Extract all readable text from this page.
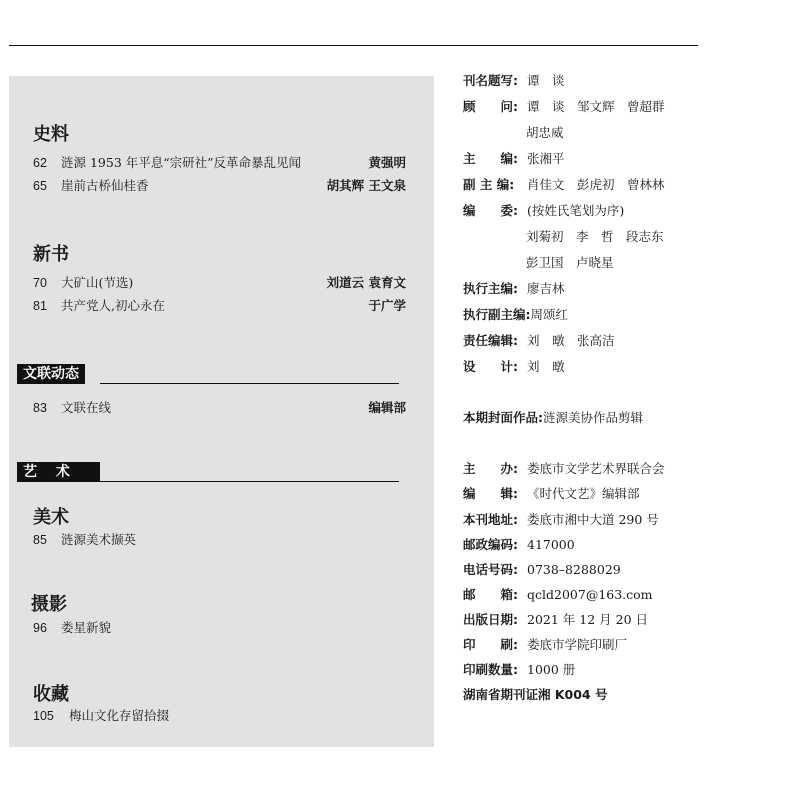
史料
62 涟源 1953 年平息“宗研社”反革命暴乱见闻	黄强明
65 崖前古桥仙桂香	胡其辉 王文泉
新书
70 大矿山(节选)	刘道云 袁育文
81 共产党人,初心永在	于广学
文联动态
83 文联在线	编辑部
艺　 术
美术
85 涟源美术撷英
摄影
96 娄星新貌
收藏
105 梅山文化存留拾掇
刊名题写: 谭　谈
顾　　问: 谭　谈　邹文辉　曾超群
胡忠威
主　　编: 张湘平
副 主 编: 肖佳文　彭虎初　曾林林
编　　委: (按姓氏笔划为序)
刘菊初　李　哲　段志东
彭卫国　卢晓星
执行主编: 廖吉林
执行副主编:周颂红
责任编辑: 刘　暾　张高洁
设　　计: 刘　暾
本期封面作品:涟源美协作品剪辑
主　　办: 娄底市文学艺术界联合会
编　　辑: 《时代文艺》编辑部
本刊地址: 娄底市湘中大道 290 号
邮政编码: 417000
电话号码: 0738–8288029
邮　　箱: qcld2007@163.com
出版日期: 2021 年 12 月 20 日
印　　刷: 娄底市学院印刷厂
印刷数量: 1000 册
湖南省期刊证湘 K004 号
